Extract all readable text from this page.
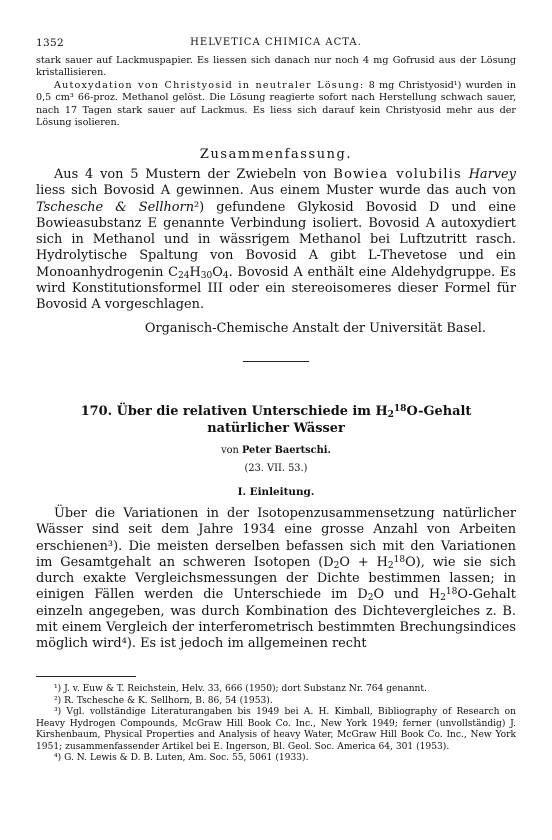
1352	HELVETICA CHIMICA ACTA.

stark sauer auf Lackmuspapier. Es liessen sich danach nur noch 4 mg Gofrusid aus der Lösung kristallisieren.

Autoxydation von Christyosid in neutraler Lösung: 8 mg Christyosid¹) wurden in 0,5 cm³ 66-proz. Methanol gelöst. Die Lösung reagierte sofort nach Herstellung schwach sauer, nach 17 Tagen stark sauer auf Lackmus. Es liess sich darauf kein Christyosid mehr aus der Lösung isolieren.

Zusammenfassung.

Aus 4 von 5 Mustern der Zwiebeln von Bowiea volubilis Harvey liess sich Bovosid A gewinnen. Aus einem Muster wurde das auch von Tschesche & Sellhorn²) gefundene Glykosid Bovosid D und eine Bowieasubstanz E genannte Verbindung isoliert. Bovosid A autoxydiert sich in Methanol und in wässrigem Methanol bei Luftzutritt rasch. Hydrolytische Spaltung von Bovosid A gibt L-Thevetose und ein Monoanhydrogenin $C_{24}H_{30}O_4$. Bovosid A enthält eine Aldehydgruppe. Es wird Konstitutionsformel III oder ein stereoisomeres dieser Formel für Bovosid A vorgeschlagen.

Organisch-Chemische Anstalt der Universität Basel.

170. Über die relativen Unterschiede im $H_2^{18}O$-Gehalt
natürlicher Wässer
von Peter Baertschi.
(23. VII. 53.)
I. Einleitung.

Über die Variationen in der Isotopenzusammensetzung natürlicher Wässer sind seit dem Jahre 1934 eine grosse Anzahl von Arbeiten erschienen³). Die meisten derselben befassen sich mit den Variationen im Gesamtgehalt an schweren Isotopen $(D_2O + H_2^{18}O)$, wie sie sich durch exakte Vergleichsmessungen der Dichte bestimmen lassen; in einigen Fällen werden die Unterschiede im $D_2O$ und $H_2^{18}O$-Gehalt einzeln angegeben, was durch Kombination des Dichtevergleiches z. B. mit einem Vergleich der interferometrisch bestimmten Brechungsindices möglich wird⁴). Es ist jedoch im allgemeinen recht

¹) J. v. Euw & T. Reichstein, Helv. 33, 666 (1950); dort Substanz Nr. 764 genannt.

²) R. Tschesche & K. Sellhorn, B. 86, 54 (1953).

³) Vgl. vollständige Literaturangaben bis 1949 bei A. H. Kimball, Bibliography of Research on Heavy Hydrogen Compounds, McGraw Hill Book Co. Inc., New York 1949; ferner (unvollständig) J. Kirshenbaum, Physical Properties and Analysis of heavy Water, McGraw Hill Book Co. Inc., New York 1951; zusammenfassender Artikel bei E. Ingerson, Bl. Geol. Soc. America 64, 301 (1953).

⁴) G. N. Lewis & D. B. Luten, Am. Soc. 55, 5061 (1933).
